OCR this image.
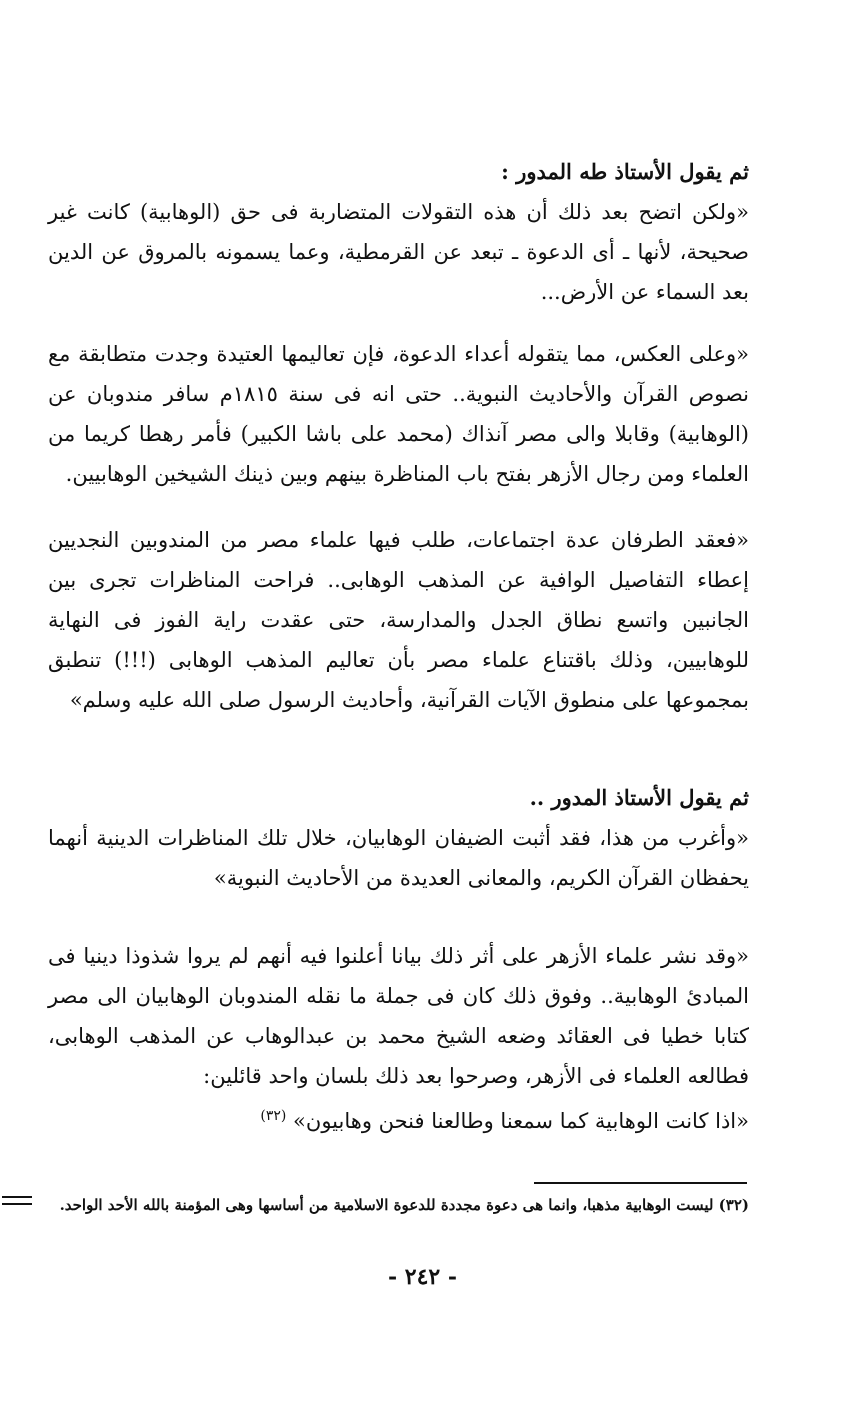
ثم يقول الأستاذ طه المدور :

«ولكن اتضح بعد ذلك أن هذه التقولات المتضاربة فى حق (الوهابية) كانت غير صحيحة، لأنها ـ أى الدعوة ـ تبعد عن القرمطية، وعما يسمونه بالمروق عن الدين بعد السماء عن الأرض...

«وعلى العكس، مما يتقوله أعداء الدعوة، فإن تعاليمها العتيدة وجدت متطابقة مع نصوص القرآن والأحاديث النبوية.. حتى انه فى سنة ١٨١٥م سافر مندوبان عن (الوهابية) وقابلا والى مصر آنذاك (محمد على باشا الكبير) فأمر رهطا كريما من العلماء ومن رجال الأزهر بفتح باب المناظرة بينهم وبين ذينك الشيخين الوهابيين.

«فعقد الطرفان عدة اجتماعات، طلب فيها علماء مصر من المندوبين النجديين إعطاء التفاصيل الوافية عن المذهب الوهابى.. فراحت المناظرات تجرى بين الجانبين واتسع نطاق الجدل والمدارسة، حتى عقدت راية الفوز فى النهاية للوهابيين، وذلك باقتناع علماء مصر بأن تعاليم المذهب الوهابى (!!!) تنطبق بمجموعها على منطوق الآيات القرآنية، وأحاديث الرسول صلى الله عليه وسلم»

ثم يقول الأستاذ المدور ..

«وأغرب من هذا، فقد أثبت الضيفان الوهابيان، خلال تلك المناظرات الدينية أنهما يحفظان القرآن الكريم، والمعانى العديدة من الأحاديث النبوية»

«وقد نشر علماء الأزهر على أثر ذلك بيانا أعلنوا فيه أنهم لم يروا شذوذا دينيا فى المبادئ الوهابية.. وفوق ذلك كان فى جملة ما نقله المندوبان الوهابيان الى مصر كتابا خطيا فى العقائد وضعه الشيخ محمد بن عبدالوهاب عن المذهب الوهابى، فطالعه العلماء فى الأزهر، وصرحوا بعد ذلك بلسان واحد قائلين:

«اذا كانت الوهابية كما سمعنا وطالعنا فنحن وهابيون» $^{(٣٢)}$

(٣٢) ليست الوهابية مذهبا، وانما هى دعوة مجددة للدعوة الاسلامية من أساسها وهى المؤمنة بالله الأحد الواحد.
- ٢٤٢ -
